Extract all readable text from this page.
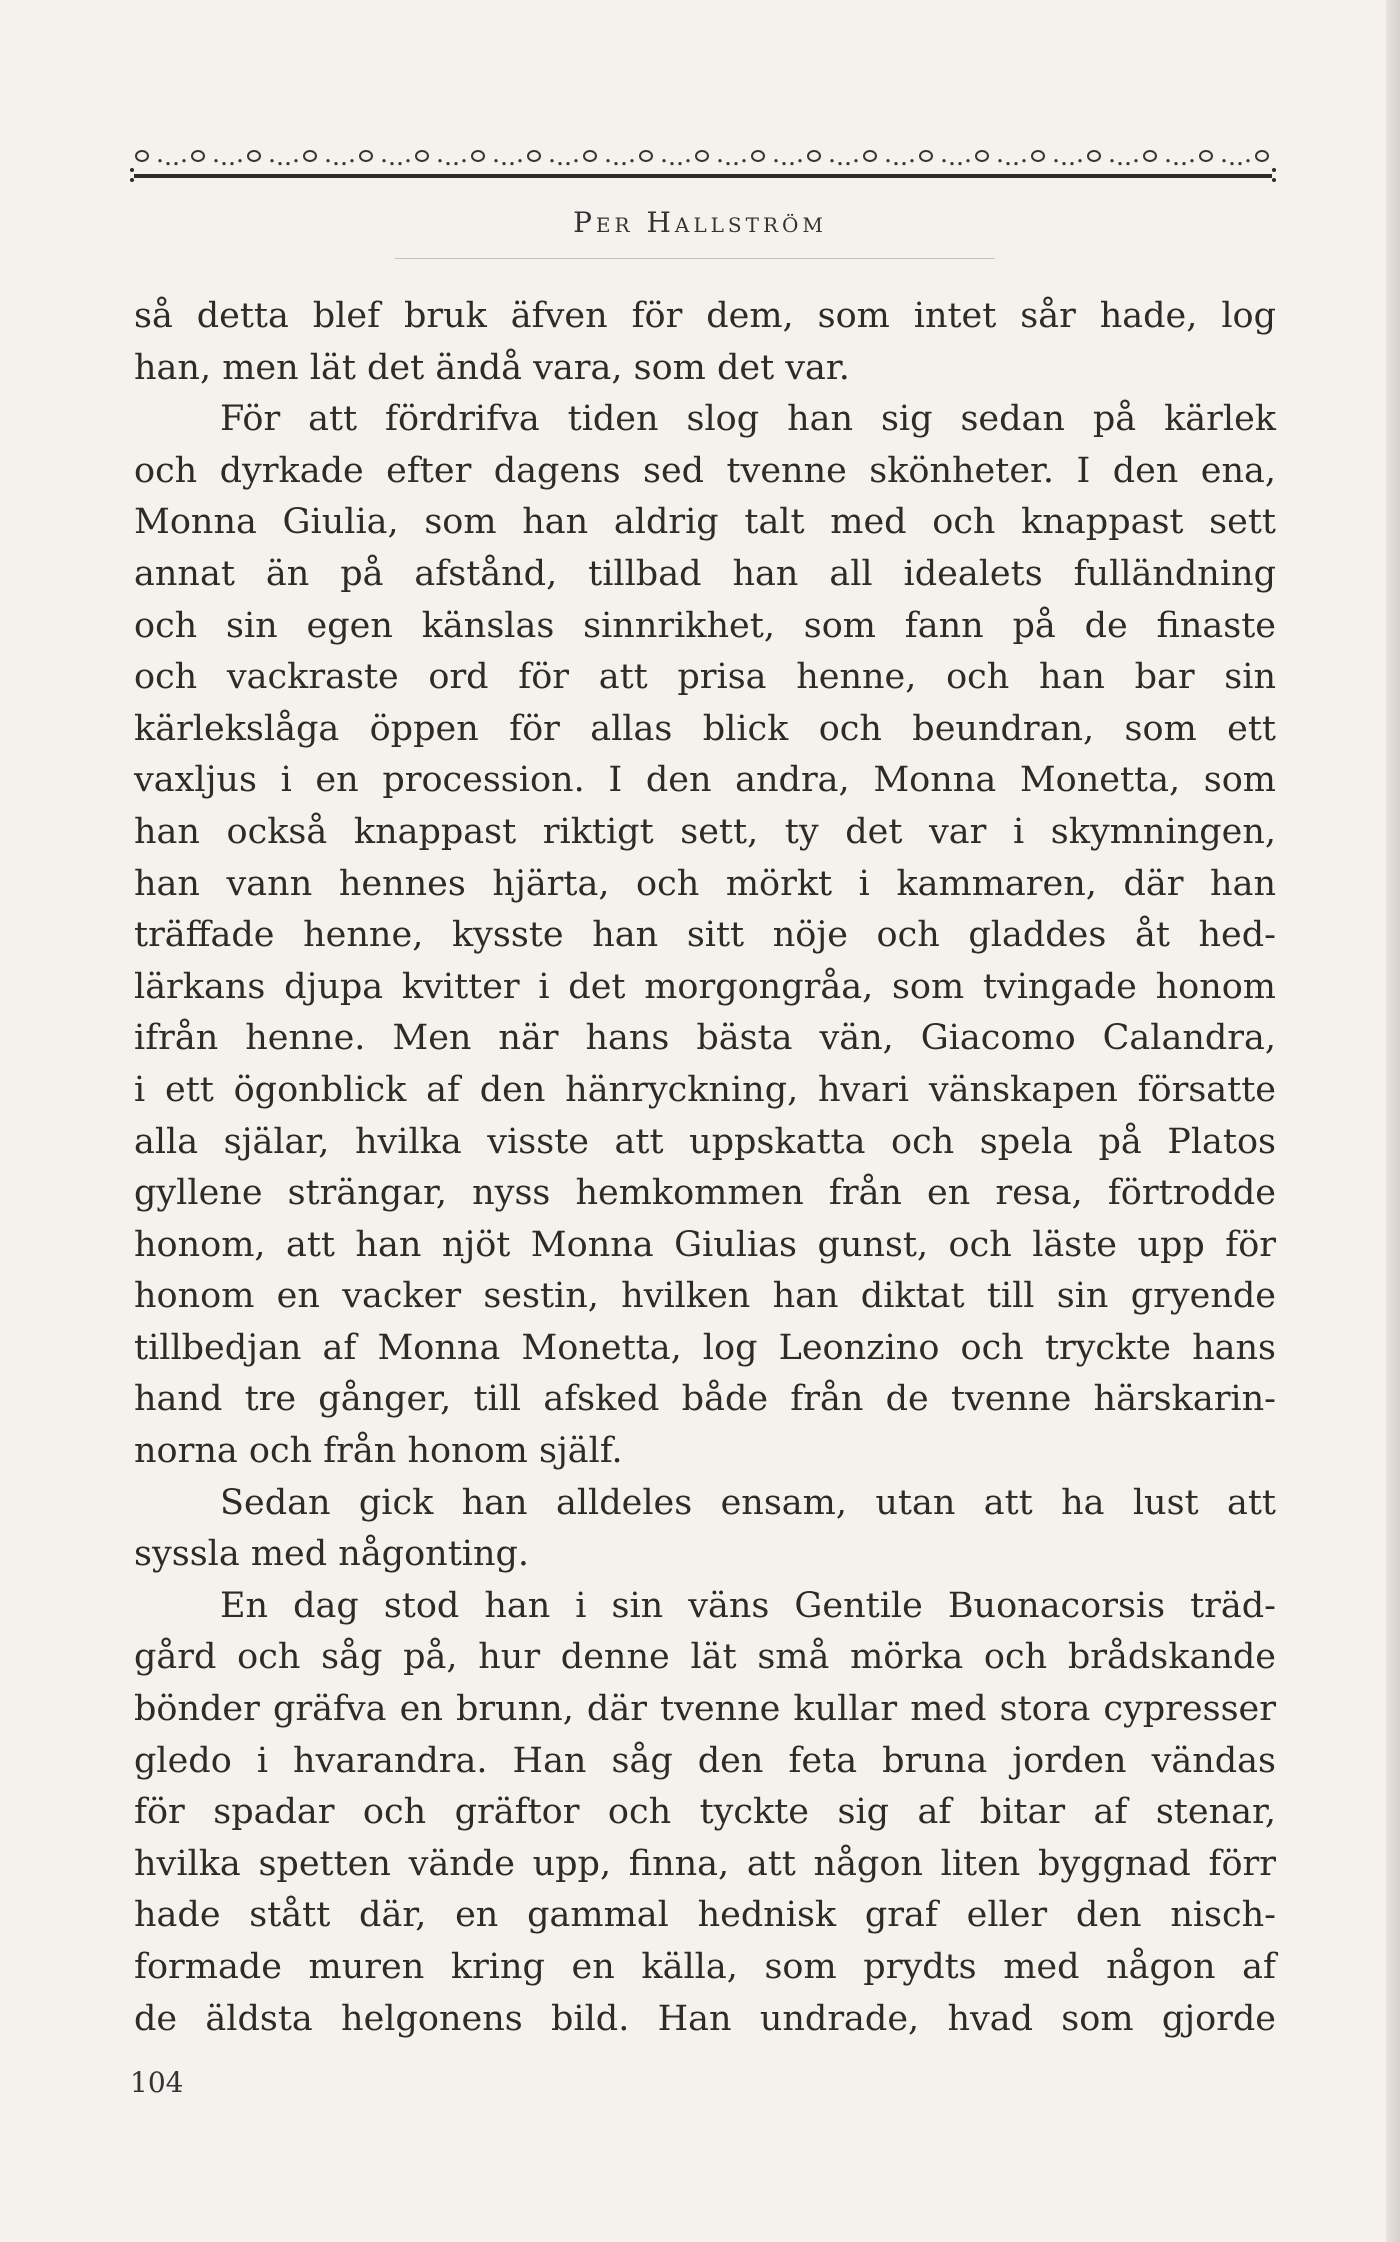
Per Hallström
så detta blef bruk äfven för dem, som intet sår hade, log
han, men lät det ändå vara, som det var.
För att fördrifva tiden slog han sig sedan på kärlek
och dyrkade efter dagens sed tvenne skönheter. I den ena,
Monna Giulia, som han aldrig talt med och knappast sett
annat än på afstånd, tillbad han all idealets fulländning
och sin egen känslas sinnrikhet, som fann på de finaste
och vackraste ord för att prisa henne, och han bar sin
kärlekslåga öppen för allas blick och beundran, som ett
vaxljus i en procession. I den andra, Monna Monetta, som
han också knappast riktigt sett, ty det var i skymningen,
han vann hennes hjärta, och mörkt i kammaren, där han
träffade henne, kysste han sitt nöje och gladdes åt hed-
lärkans djupa kvitter i det morgongråa, som tvingade honom
ifrån henne. Men när hans bästa vän, Giacomo Calandra,
i ett ögonblick af den hänryckning, hvari vänskapen försatte
alla själar, hvilka visste att uppskatta och spela på Platos
gyllene strängar, nyss hemkommen från en resa, förtrodde
honom, att han njöt Monna Giulias gunst, och läste upp för
honom en vacker sestin, hvilken han diktat till sin gryende
tillbedjan af Monna Monetta, log Leonzino och tryckte hans
hand tre gånger, till afsked både från de tvenne härskarin-
norna och från honom själf.
Sedan gick han alldeles ensam, utan att ha lust att
syssla med någonting.
En dag stod han i sin väns Gentile Buonacorsis träd-
gård och såg på, hur denne lät små mörka och brådskande
bönder gräfva en brunn, där tvenne kullar med stora cypresser
gledo i hvarandra. Han såg den feta bruna jorden vändas
för spadar och gräftor och tyckte sig af bitar af stenar,
hvilka spetten vände upp, finna, att någon liten byggnad förr
hade stått där, en gammal hednisk graf eller den nisch-
formade muren kring en källa, som prydts med någon af
de äldsta helgonens bild. Han undrade, hvad som gjorde
104
